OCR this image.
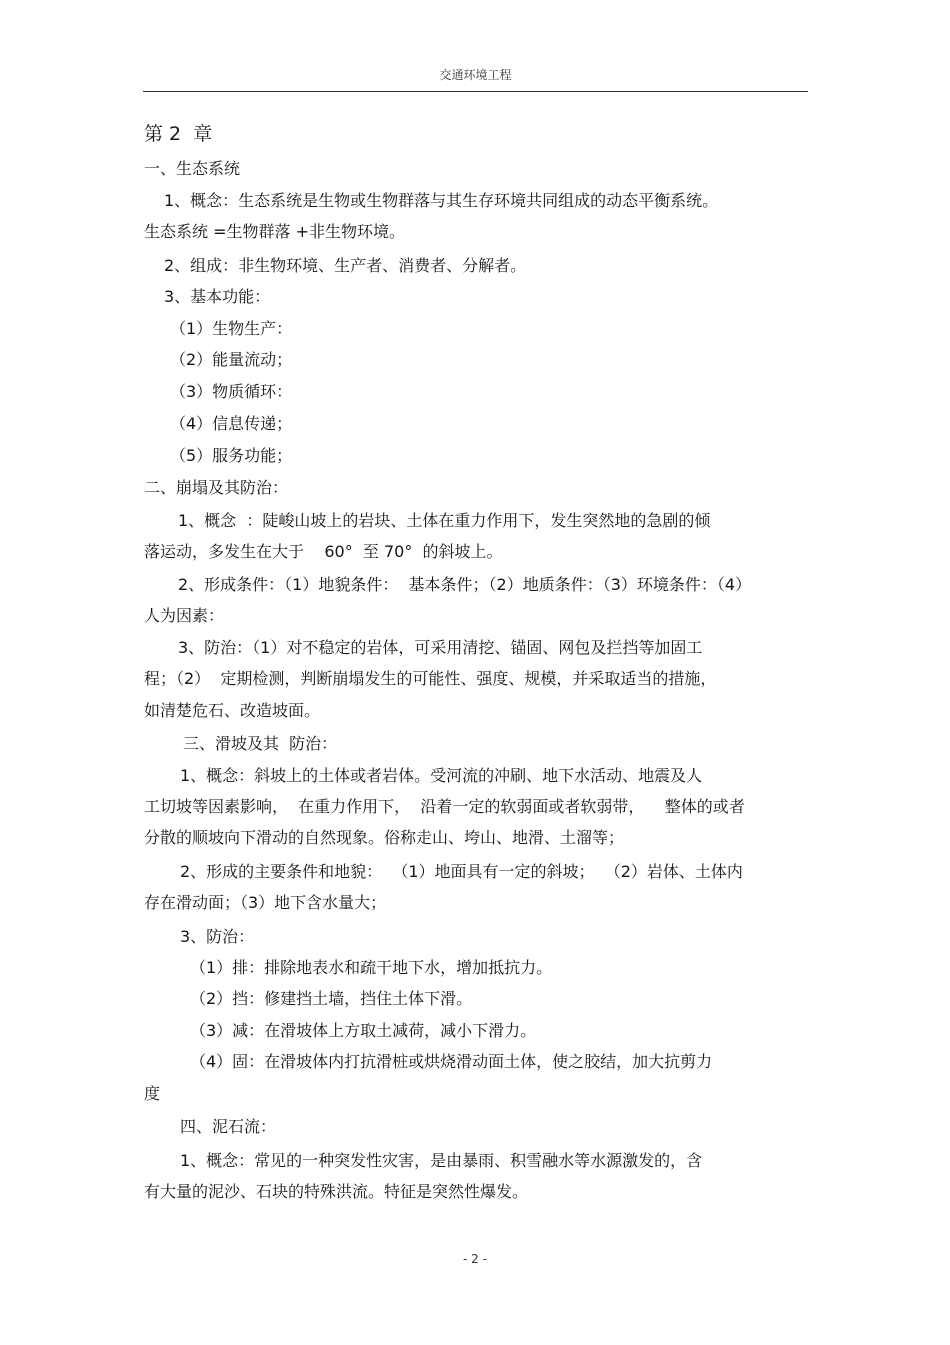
交通环境工程
第 2  章
一、生态系统
1、概念：生态系统是生物或生物群落与其生存环境共同组成的动态平衡系统。
生态系统 =生物群落 +非生物环境。
2、组成：非生物环境、生产者、消费者、分解者。
3、基本功能：
（1）生物生产：
（2）能量流动；
（3）物质循环：
（4）信息传递；
（5）服务功能；
二、崩塌及其防治：
1、概念  ：陡峻山坡上的岩块、土体在重力作用下，发生突然地的急剧的倾
落运动，多发生在大于    60°  至 70°  的斜坡上。
2、形成条件：（1）地貌条件：  基本条件；（2）地质条件：（3）环境条件：（4）
人为因素：
3、防治：（1）对不稳定的岩体，可采用清挖、锚固、网包及拦挡等加固工
程；（2）  定期检测，判断崩塌发生的可能性、强度、规模，并采取适当的措施，
如清楚危石、改造坡面。
三、滑坡及其  防治：
1、概念：斜坡上的土体或者岩体。受河流的冲刷、地下水活动、地震及人
工切坡等因素影响，  在重力作用下，  沿着一定的软弱面或者软弱带，    整体的或者
分散的顺坡向下滑动的自然现象。俗称走山、垮山、地滑、土溜等；
2、形成的主要条件和地貌：  （1）地面具有一定的斜坡；  （2）岩体、土体内
存在滑动面；（3）地下含水量大；
3、防治：
（1）排：排除地表水和疏干地下水，增加抵抗力。
（2）挡：修建挡土墙，挡住土体下滑。
（3）减：在滑坡体上方取土减荷，减小下滑力。
（4）固：在滑坡体内打抗滑桩或烘烧滑动面土体，使之胶结，加大抗剪力
度
四、泥石流：
1、概念：常见的一种突发性灾害，是由暴雨、积雪融水等水源激发的，含
有大量的泥沙、石块的特殊洪流。特征是突然性爆发。
- 2 -
